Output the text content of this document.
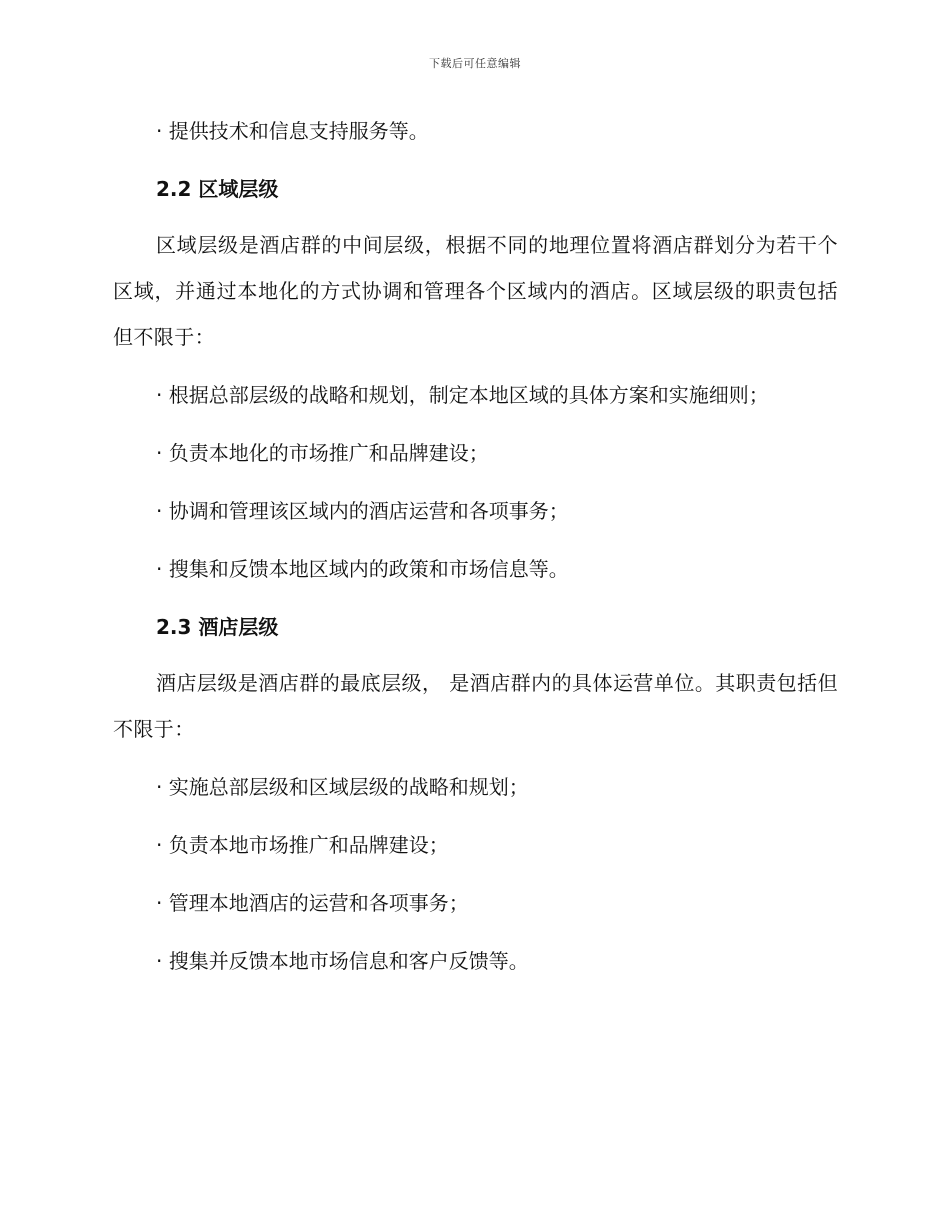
下载后可任意编辑

· 提供技术和信息支持服务等。

2.2 区域层级

区域层级是酒店群的中间层级，根据不同的地理位置将酒店群划分为若干个区域，并通过本地化的方式协调和管理各个区域内的酒店。区域层级的职责包括但不限于：

· 根据总部层级的战略和规划，制定本地区域的具体方案和实施细则；

· 负责本地化的市场推广和品牌建设；

· 协调和管理该区域内的酒店运营和各项事务；

· 搜集和反馈本地区域内的政策和市场信息等。

2.3 酒店层级

酒店层级是酒店群的最底层级， 是酒店群内的具体运营单位。其职责包括但不限于：

· 实施总部层级和区域层级的战略和规划；

· 负责本地市场推广和品牌建设；

· 管理本地酒店的运营和各项事务；

· 搜集并反馈本地市场信息和客户反馈等。
